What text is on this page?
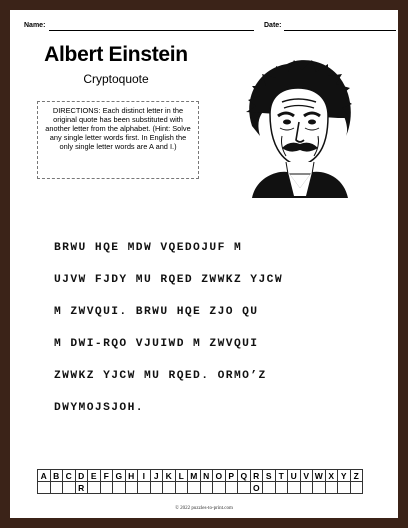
Name:	Date:
Albert Einstein
Cryptoquote
DIRECTIONS: Each distinct letter in the original quote has been substituted with another letter from the alphabet. (Hint: Solve any single letter words first. In English the only single letter words are A and I.)
BRWU HQE MDW VQEDOJUF M
UJVW FJDY MU RQED ZWWKZ YJCW
M ZWVQUI. BRWU HQE ZJO QU
M DWI-RQO VJUIWD M ZWVQUI
ZWWKZ YJCW MU RQED. ORMO’Z
DWYMOJSJOH.
A	B	C	D	E	F	G	H	I	J	K	L	M	N	O	P	Q	R	S	T	U	V	W	X	Y	Z
			R														O								
© 2022 puzzles-to-print.com
